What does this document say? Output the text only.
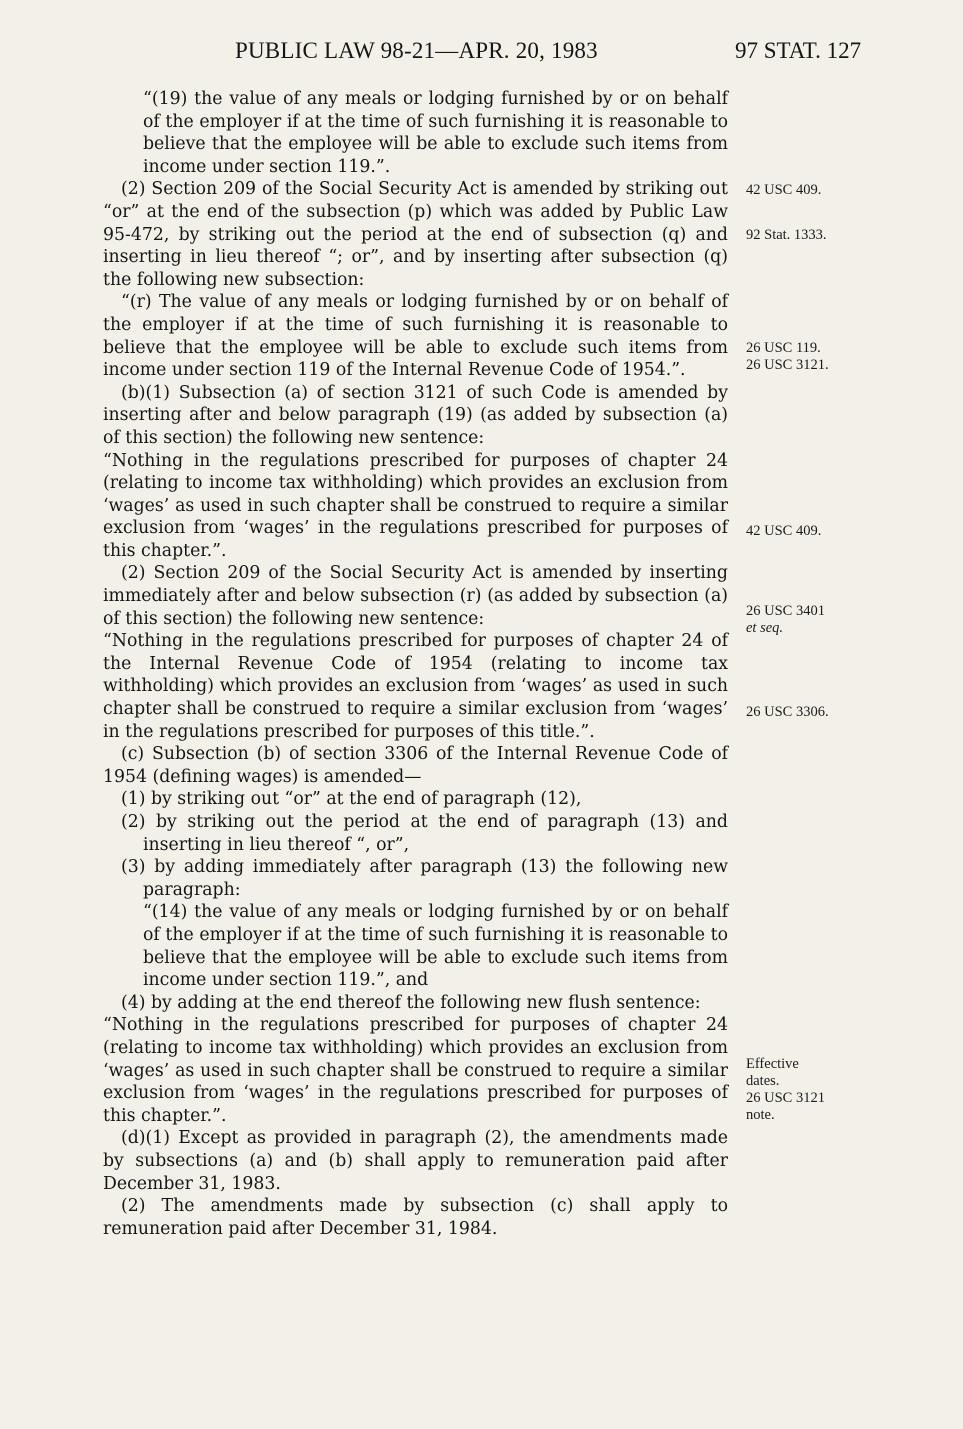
PUBLIC LAW 98-21—APR. 20, 1983	97 STAT. 127

“(19) the value of any meals or lodging furnished by or on behalf of the employer if at the time of such furnishing it is reasonable to believe that the employee will be able to exclude such items from income under section 119.”.

(2) Section 209 of the Social Security Act is amended by striking out “or” at the end of the subsection (p) which was added by Public Law 95-472, by striking out the period at the end of subsection (q) and inserting in lieu thereof “; or”, and by inserting after subsection (q) the following new subsection:

“(r) The value of any meals or lodging furnished by or on behalf of the employer if at the time of such furnishing it is reasonable to believe that the employee will be able to exclude such items from income under section 119 of the Internal Revenue Code of 1954.”.

(b)(1) Subsection (a) of section 3121 of such Code is amended by inserting after and below paragraph (19) (as added by subsection (a) of this section) the following new sentence:

“Nothing in the regulations prescribed for purposes of chapter 24 (relating to income tax withholding) which provides an exclusion from ‘wages’ as used in such chapter shall be construed to require a similar exclusion from ‘wages’ in the regulations prescribed for purposes of this chapter.”.

(2) Section 209 of the Social Security Act is amended by inserting immediately after and below subsection (r) (as added by subsection (a) of this section) the following new sentence:

“Nothing in the regulations prescribed for purposes of chapter 24 of the Internal Revenue Code of 1954 (relating to income tax withholding) which provides an exclusion from ‘wages’ as used in such chapter shall be construed to require a similar exclusion from ‘wages’ in the regulations prescribed for purposes of this title.”.

(c) Subsection (b) of section 3306 of the Internal Revenue Code of 1954 (defining wages) is amended—

(1) by striking out “or” at the end of paragraph (12),

(2) by striking out the period at the end of paragraph (13) and inserting in lieu thereof “, or”,

(3) by adding immediately after paragraph (13) the following new paragraph:

“(14) the value of any meals or lodging furnished by or on behalf of the employer if at the time of such furnishing it is reasonable to believe that the employee will be able to exclude such items from income under section 119.”, and

(4) by adding at the end thereof the following new flush sentence:

“Nothing in the regulations prescribed for purposes of chapter 24 (relating to income tax withholding) which provides an exclusion from ‘wages’ as used in such chapter shall be construed to require a similar exclusion from ‘wages’ in the regulations prescribed for purposes of this chapter.”.

(d)(1) Except as provided in paragraph (2), the amendments made by subsections (a) and (b) shall apply to remuneration paid after December 31, 1983.

(2) The amendments made by subsection (c) shall apply to remuneration paid after December 31, 1984.

42 USC 409.
92 Stat. 1333.
26 USC 119.
26 USC 3121.
42 USC 409.
26 USC 3401
et seq.
26 USC 3306.
Effective
dates.
26 USC 3121
note.
